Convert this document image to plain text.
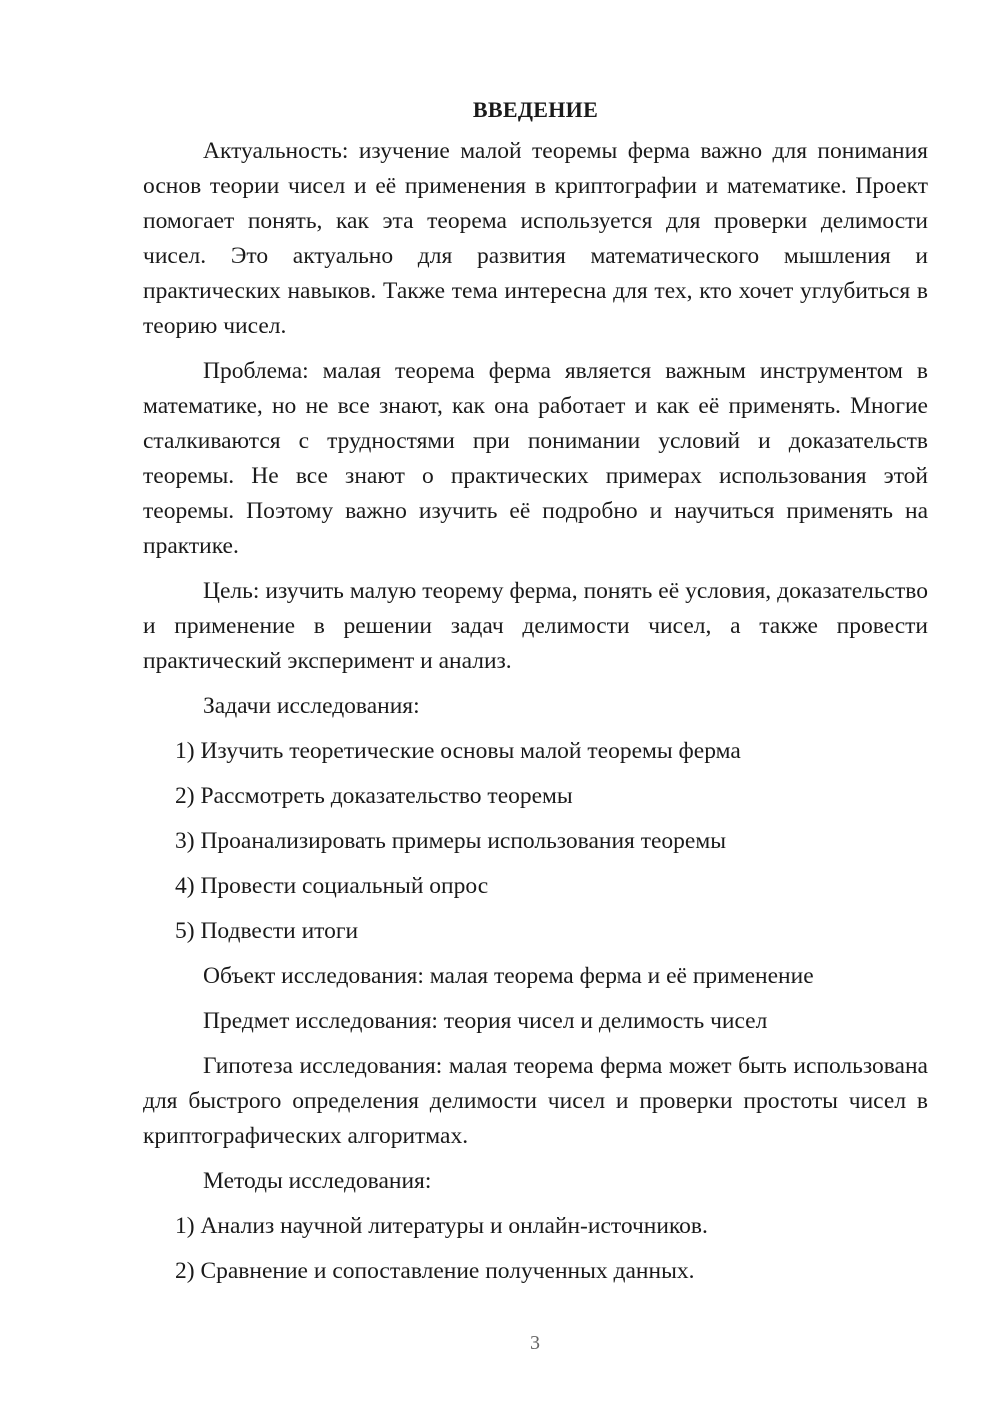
ВВЕДЕНИЕ

Актуальность: изучение малой теоремы ферма важно для понимания основ теории чисел и её применения в криптографии и математике. Проект помогает понять, как эта теорема используется для проверки делимости чисел. Это актуально для развития математического мышления и практических навыков. Также тема интересна для тех, кто хочет углубиться в теорию чисел.

Проблема: малая теорема ферма является важным инструментом в математике, но не все знают, как она работает и как её применять. Многие сталкиваются с трудностями при понимании условий и доказательств теоремы. Не все знают о практических примерах использования этой теоремы. Поэтому важно изучить её подробно и научиться применять на практике.

Цель: изучить малую теорему ферма, понять её условия, доказательство и применение в решении задач делимости чисел, а также провести практический эксперимент и анализ.

Задачи исследования:

1) Изучить теоретические основы малой теоремы ферма

2) Рассмотреть доказательство теоремы

3) Проанализировать примеры использования теоремы

4) Провести социальный опрос

5) Подвести итоги

Объект исследования: малая теорема ферма и её применение

Предмет исследования: теория чисел и делимость чисел

Гипотеза исследования: малая теорема ферма может быть использована для быстрого определения делимости чисел и проверки простоты чисел в криптографических алгоритмах.

Методы исследования:

1) Анализ научной литературы и онлайн-источников.

2) Сравнение и сопоставление полученных данных.

3
